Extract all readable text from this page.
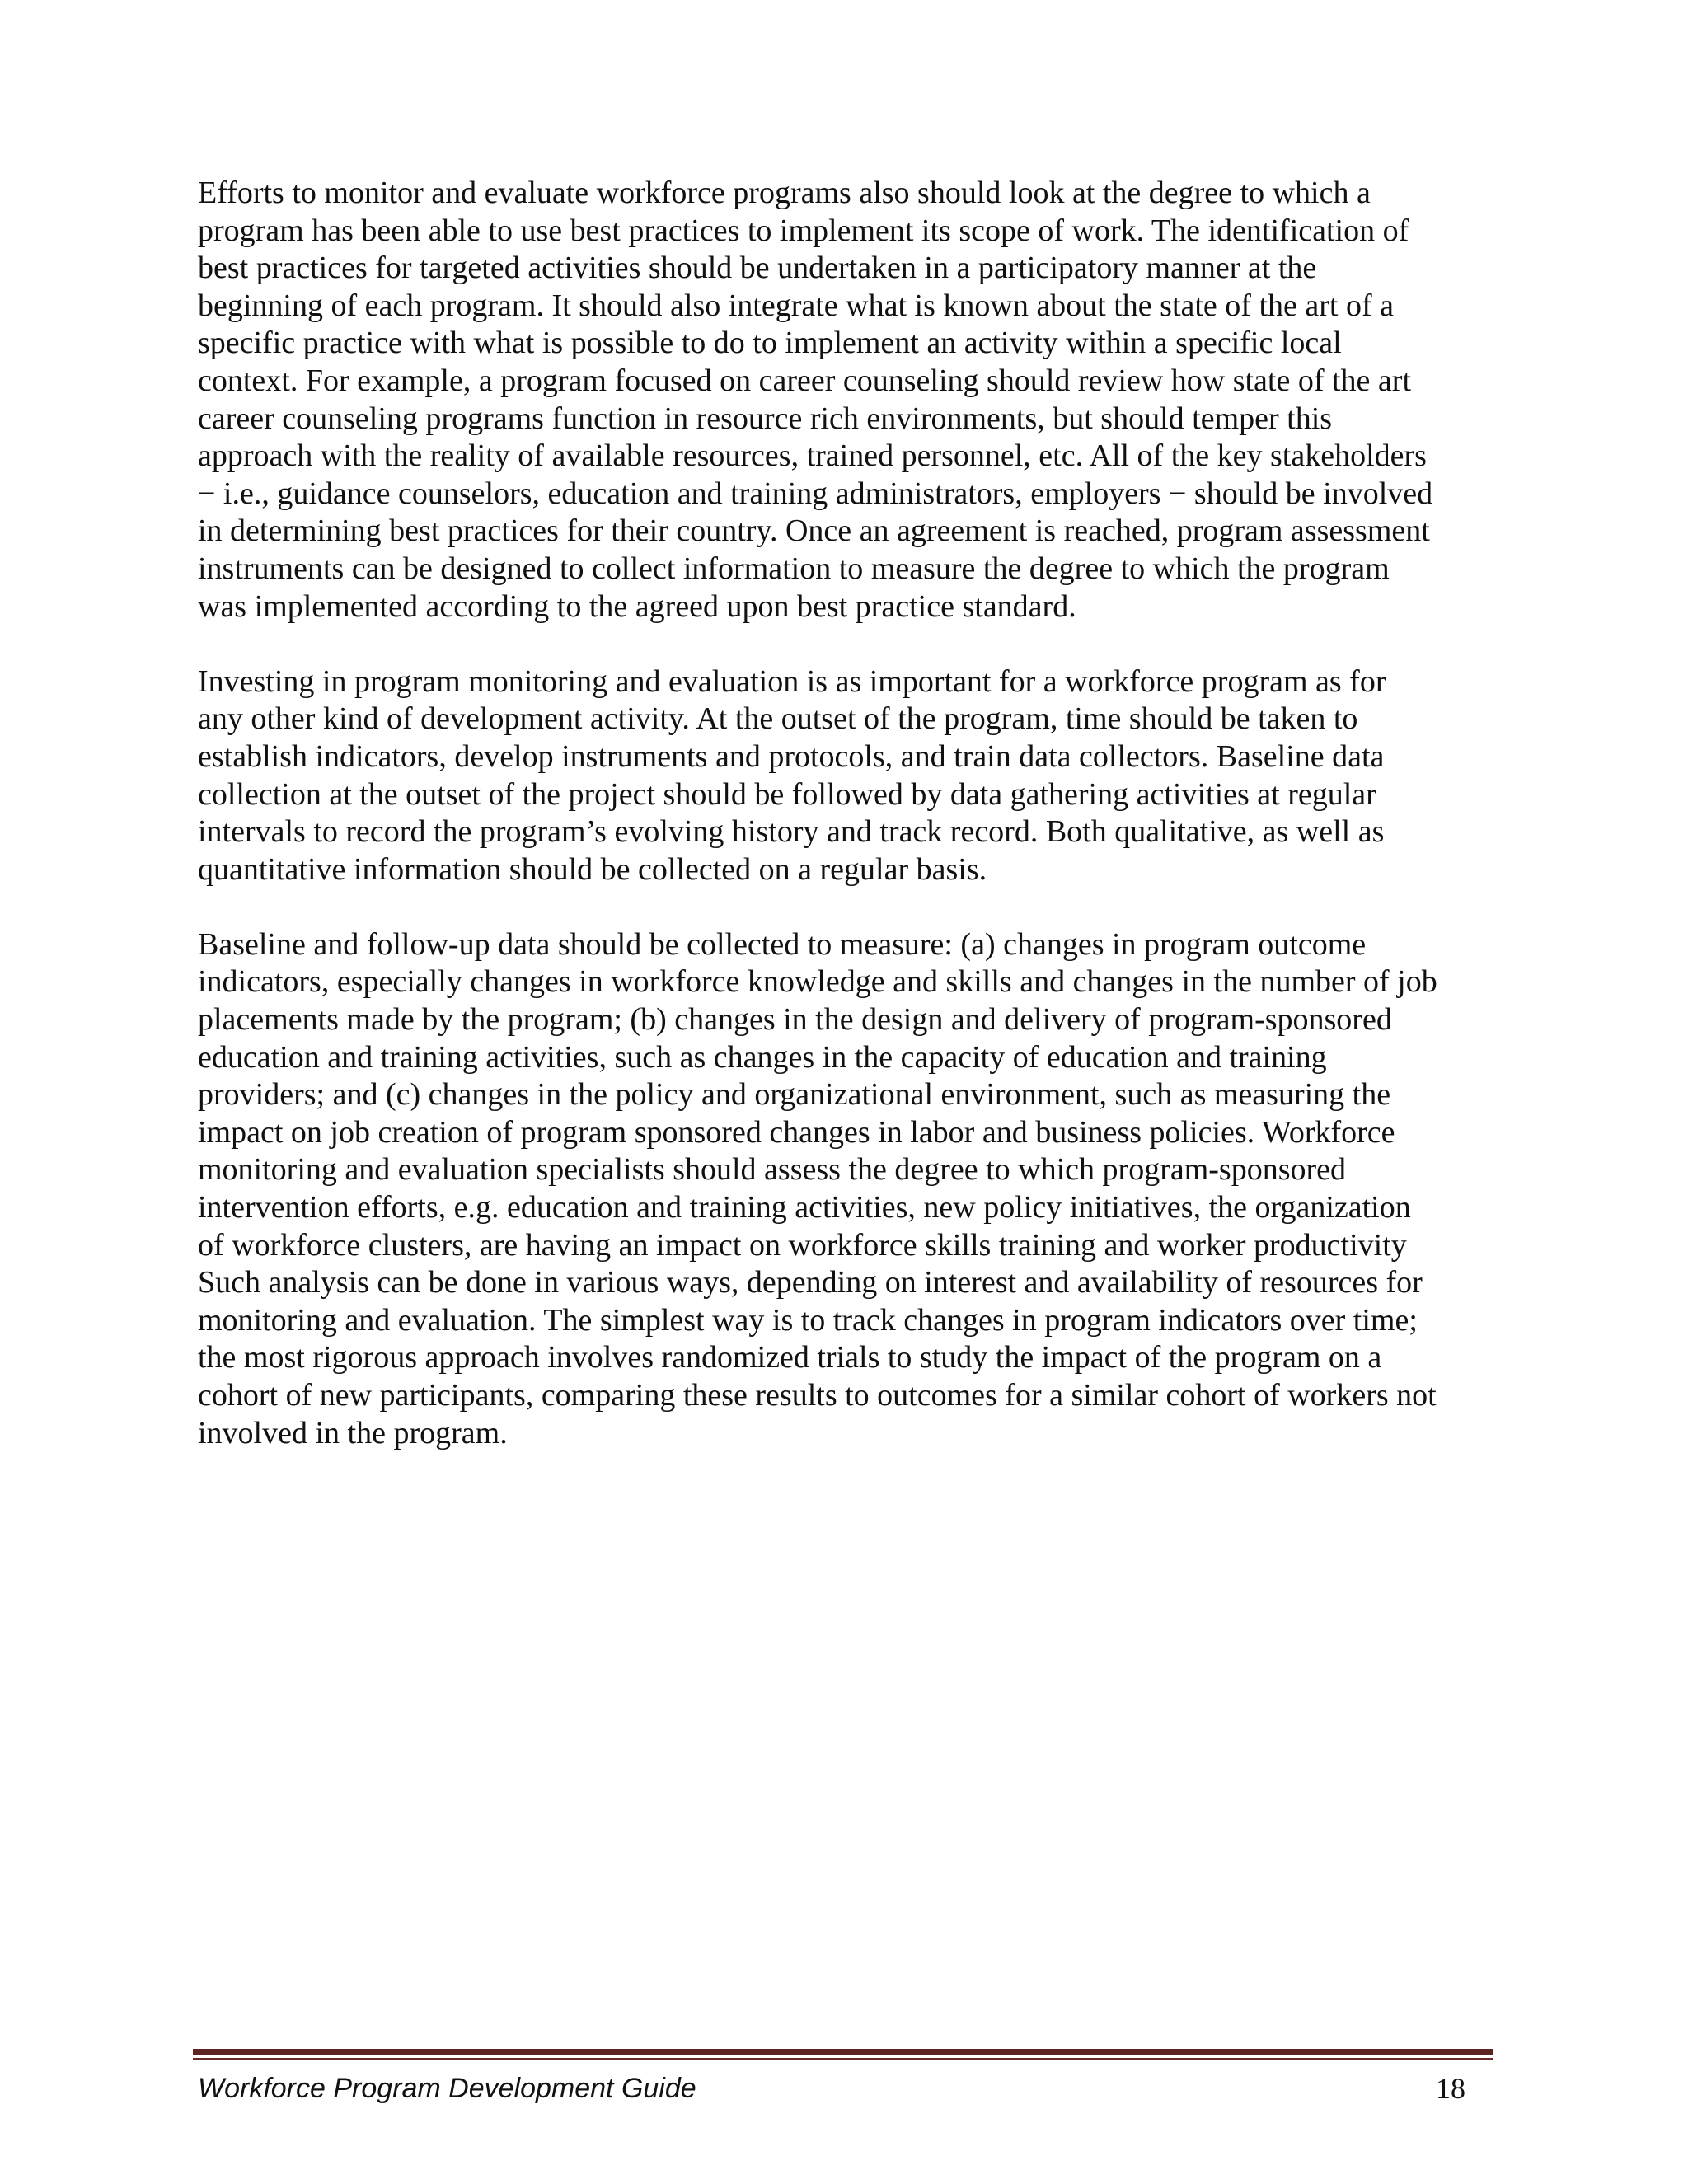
Efforts to monitor and evaluate workforce programs also should look at the degree to which a
program has been able to use best practices to implement its scope of work. The identification of
best practices for targeted activities should be undertaken in a participatory manner at the
beginning of each program. It should also integrate what is known about the state of the art of a
specific practice with what is possible to do to implement an activity within a specific local
context. For example, a program focused on career counseling should review how state of the art
career counseling programs function in resource rich environments, but should temper this
approach with the reality of available resources, trained personnel, etc. All of the key stakeholders
− i.e., guidance counselors, education and training administrators, employers − should be involved
in determining best practices for their country. Once an agreement is reached, program assessment
instruments can be designed to collect information to measure the degree to which the program
was implemented according to the agreed upon best practice standard.

Investing in program monitoring and evaluation is as important for a workforce program as for
any other kind of development activity. At the outset of the program, time should be taken to
establish indicators, develop instruments and protocols, and train data collectors. Baseline data
collection at the outset of the project should be followed by data gathering activities at regular
intervals to record the program’s evolving history and track record. Both qualitative, as well as
quantitative information should be collected on a regular basis.

Baseline and follow-up data should be collected to measure: (a) changes in program outcome
indicators, especially changes in workforce knowledge and skills and changes in the number of job
placements made by the program; (b) changes in the design and delivery of program-sponsored
education and training activities, such as changes in the capacity of education and training
providers; and (c) changes in the policy and organizational environment, such as measuring the
impact on job creation of program sponsored changes in labor and business policies. Workforce
monitoring and evaluation specialists should assess the degree to which program-sponsored
intervention efforts, e.g. education and training activities, new policy initiatives, the organization
of workforce clusters, are having an impact on workforce skills training and worker productivity
Such analysis can be done in various ways, depending on interest and availability of resources for
monitoring and evaluation. The simplest way is to track changes in program indicators over time;
the most rigorous approach involves randomized trials to study the impact of the program on a
cohort of new participants, comparing these results to outcomes for a similar cohort of workers not
involved in the program.

Workforce Program Development Guide	18
